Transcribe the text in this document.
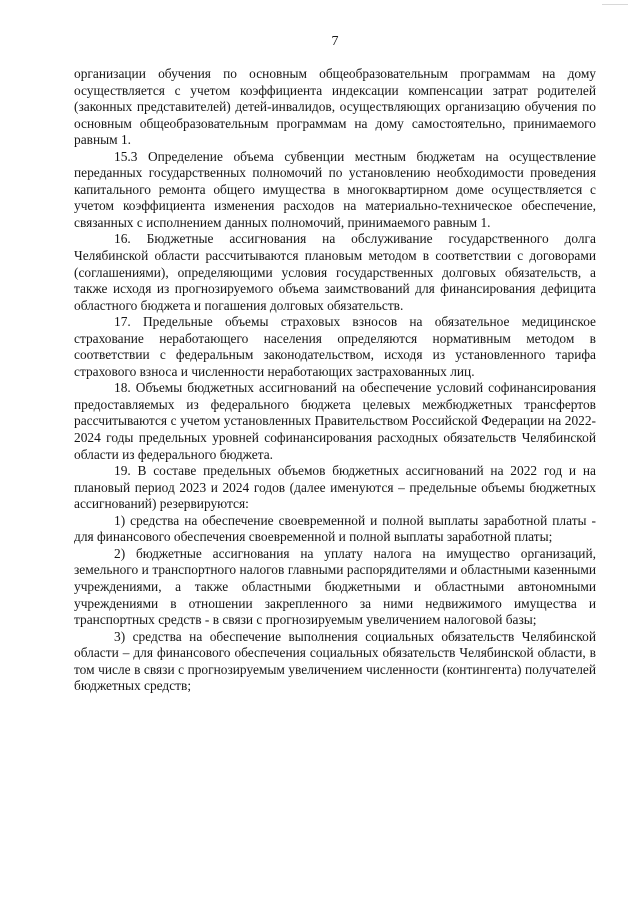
7

организации обучения по основным общеобразовательным программам на дому осуществляется с учетом коэффициента индексации компенсации затрат родителей (законных представителей) детей-инвалидов, осуществляющих организацию обучения по основным общеобразовательным программам на дому самостоятельно, принимаемого равным 1.

15.3 Определение объема субвенции местным бюджетам на осуществление переданных государственных полномочий по установлению необходимости проведения капитального ремонта общего имущества в многоквартирном доме осуществляется с учетом коэффициента изменения расходов на материально-техническое обеспечение, связанных с исполнением данных полномочий, принимаемого равным 1.

16. Бюджетные ассигнования на обслуживание государственного долга Челябинской области рассчитываются плановым методом в соответствии с договорами (соглашениями), определяющими условия государственных долговых обязательств, а также исходя из прогнозируемого объема заимствований для финансирования дефицита областного бюджета и погашения долговых обязательств.

17. Предельные объемы страховых взносов на обязательное медицинское страхование неработающего населения определяются нормативным методом в соответствии с федеральным законодательством, исходя из установленного тарифа страхового взноса и численности неработающих застрахованных лиц.

18. Объемы бюджетных ассигнований на обеспечение условий софинансирования предоставляемых из федерального бюджета целевых межбюджетных трансфертов рассчитываются с учетом установленных Правительством Российской Федерации на 2022-2024 годы предельных уровней софинансирования расходных обязательств Челябинской области из федерального бюджета.

19. В составе предельных объемов бюджетных ассигнований на 2022 год и на плановый период 2023 и 2024 годов (далее именуются – предельные объемы бюджетных ассигнований) резервируются:

1) средства на обеспечение своевременной и полной выплаты заработной платы - для финансового обеспечения своевременной и полной выплаты заработной платы;

2) бюджетные ассигнования на уплату налога на имущество организаций, земельного и транспортного налогов главными распорядителями и областными казенными учреждениями, а также областными бюджетными и областными автономными учреждениями в отношении закрепленного за ними недвижимого имущества и транспортных средств - в связи с прогнозируемым увеличением налоговой базы;

3) средства на обеспечение выполнения социальных обязательств Челябинской области – для финансового обеспечения социальных обязательств Челябинской области, в том числе в связи с прогнозируемым увеличением численности (контингента) получателей бюджетных средств;
